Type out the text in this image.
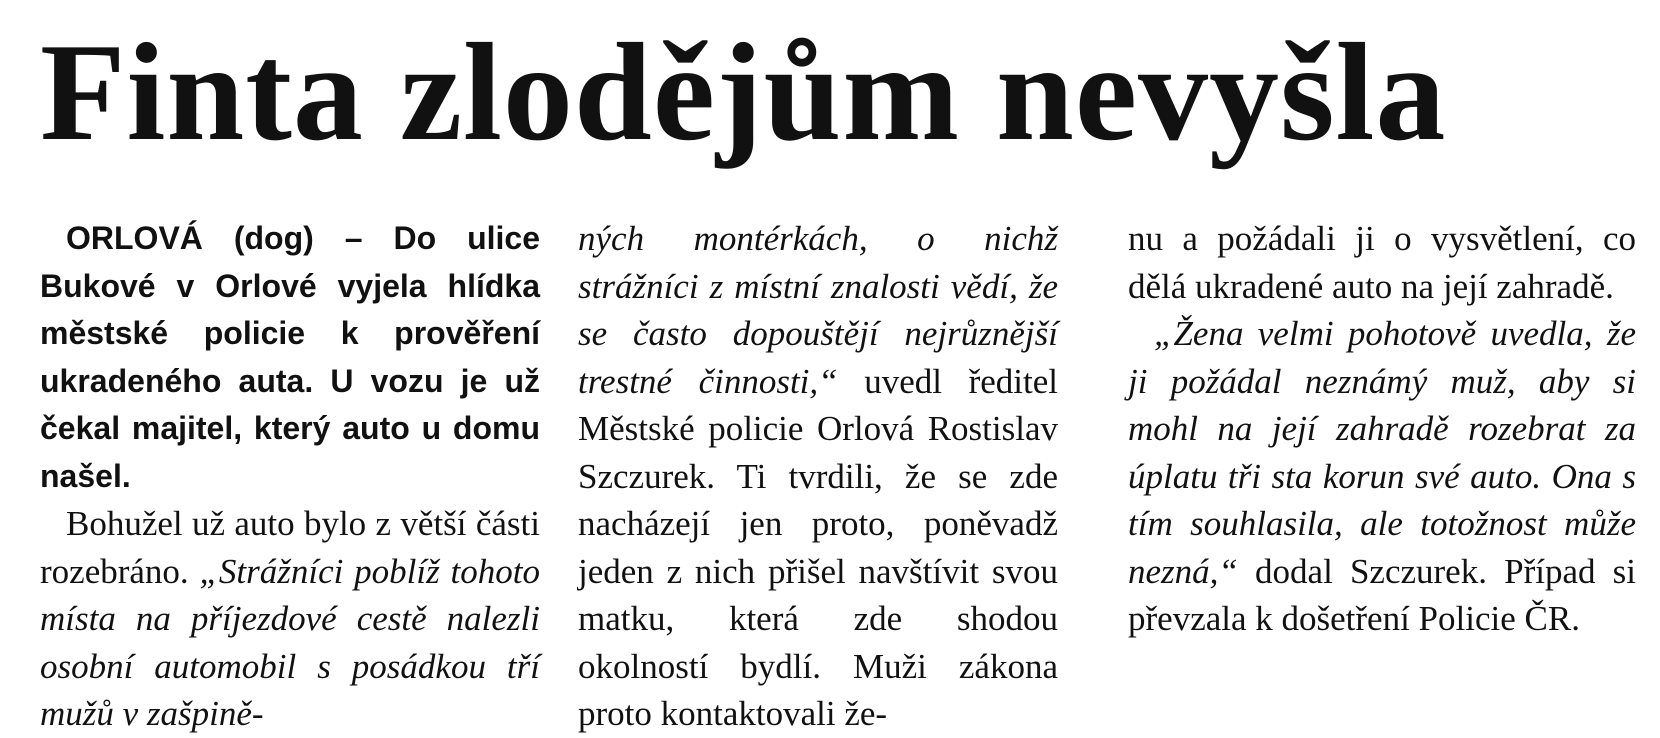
Finta zlodějům nevyšla

ORLOVÁ (dog) – Do ulice Bukové v Orlové vyjela hlídka městské policie k prověření ukradeného auta. U vozu je už čekal majitel, který auto u domu našel.

Bohužel už auto bylo z větší části rozebráno. „Strážníci poblíž tohoto místa na příjezdové cestě nalezli osobní automobil s posádkou tří mužů v zašpině-

ných montérkách, o nichž strážníci z místní znalosti vědí, že se často dopouštějí nejrůznější trestné činnosti,“ uvedl ředitel Městské policie Orlová Rostislav Szczurek. Ti tvrdili, že se zde nacházejí jen proto, poněvadž jeden z nich přišel navštívit svou matku, která zde shodou okolností bydlí. Muži zákona proto kontaktovali že-

nu a požádali ji o vysvětlení, co dělá ukradené auto na její zahradě.

„Žena velmi pohotově uvedla, že ji požádal neznámý muž, aby si mohl na její zahradě rozebrat za úplatu tři sta korun své auto. Ona s tím souhlasila, ale totožnost může nezná,“ dodal Szczurek. Případ si převzala k došetření Policie ČR.
